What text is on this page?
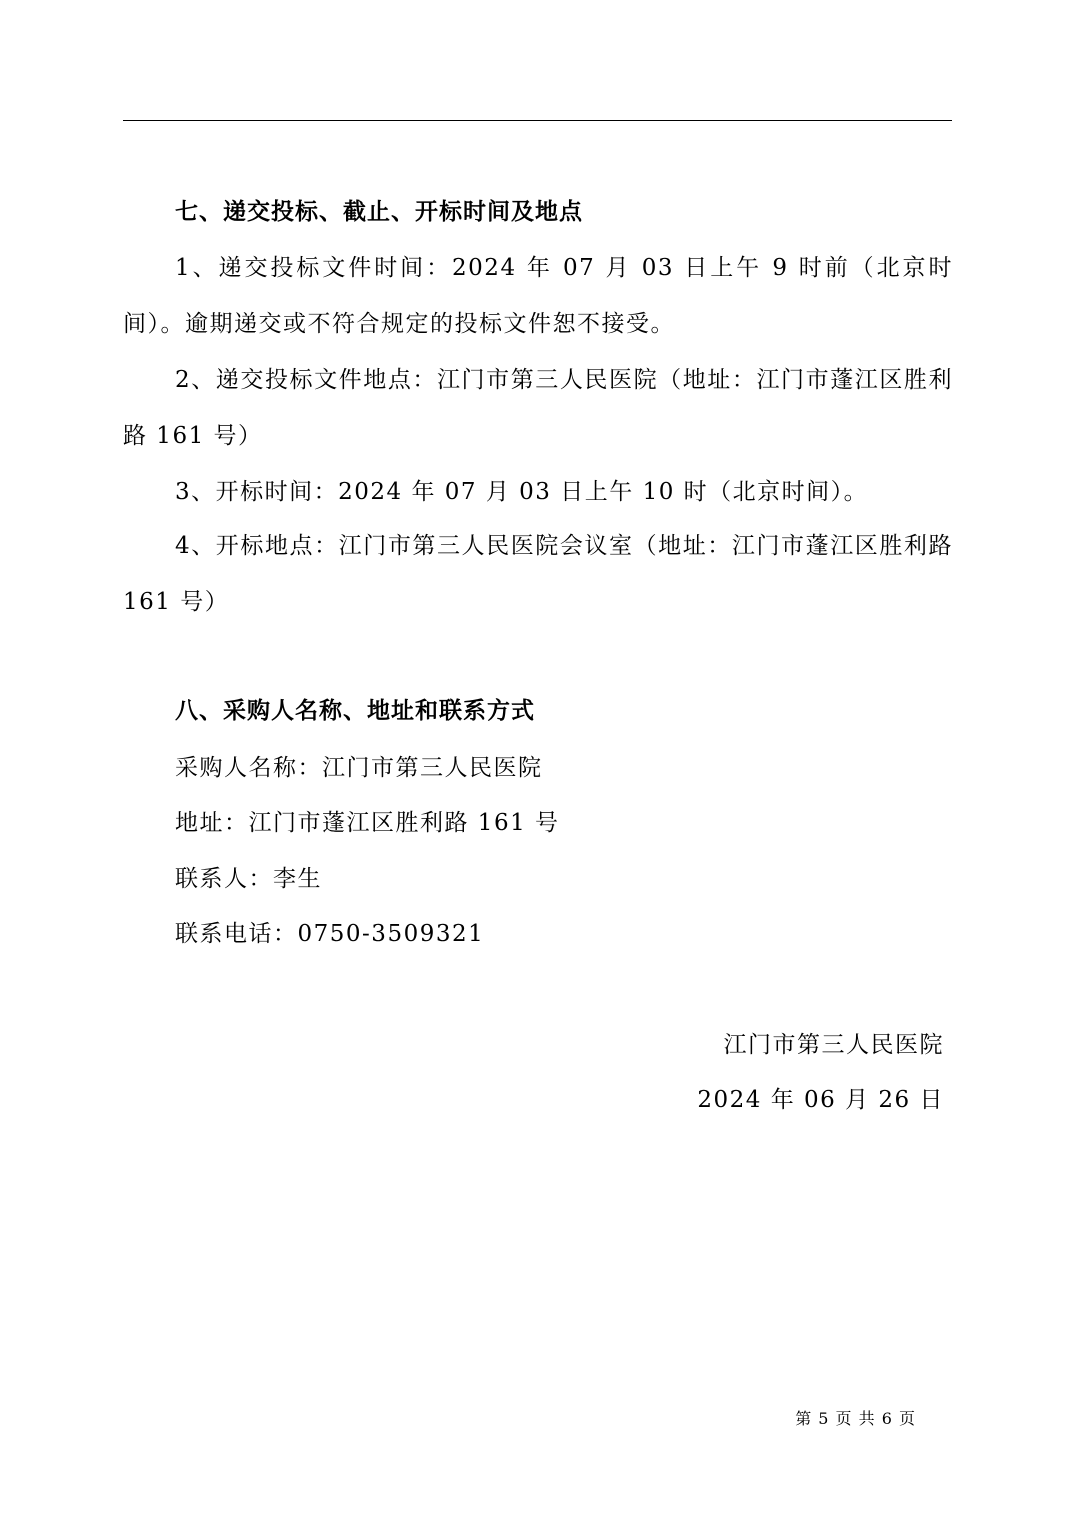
七、递交投标、截止、开标时间及地点

1、递交投标文件时间：2024 年 07 月 03 日上午 9 时前（北京时间）。逾期递交或不符合规定的投标文件恕不接受。

2、递交投标文件地点：江门市第三人民医院（地址：江门市蓬江区胜利路 161 号）

3、开标时间：2024 年 07 月 03 日上午 10 时（北京时间）。

4、开标地点：江门市第三人民医院会议室（地址：江门市蓬江区胜利路 161 号）

八、采购人名称、地址和联系方式

采购人名称：江门市第三人民医院

地址：江门市蓬江区胜利路 161 号

联系人：李生

联系电话：0750-3509321

江门市第三人民医院

2024 年 06 月 26 日

第 5 页 共 6 页
